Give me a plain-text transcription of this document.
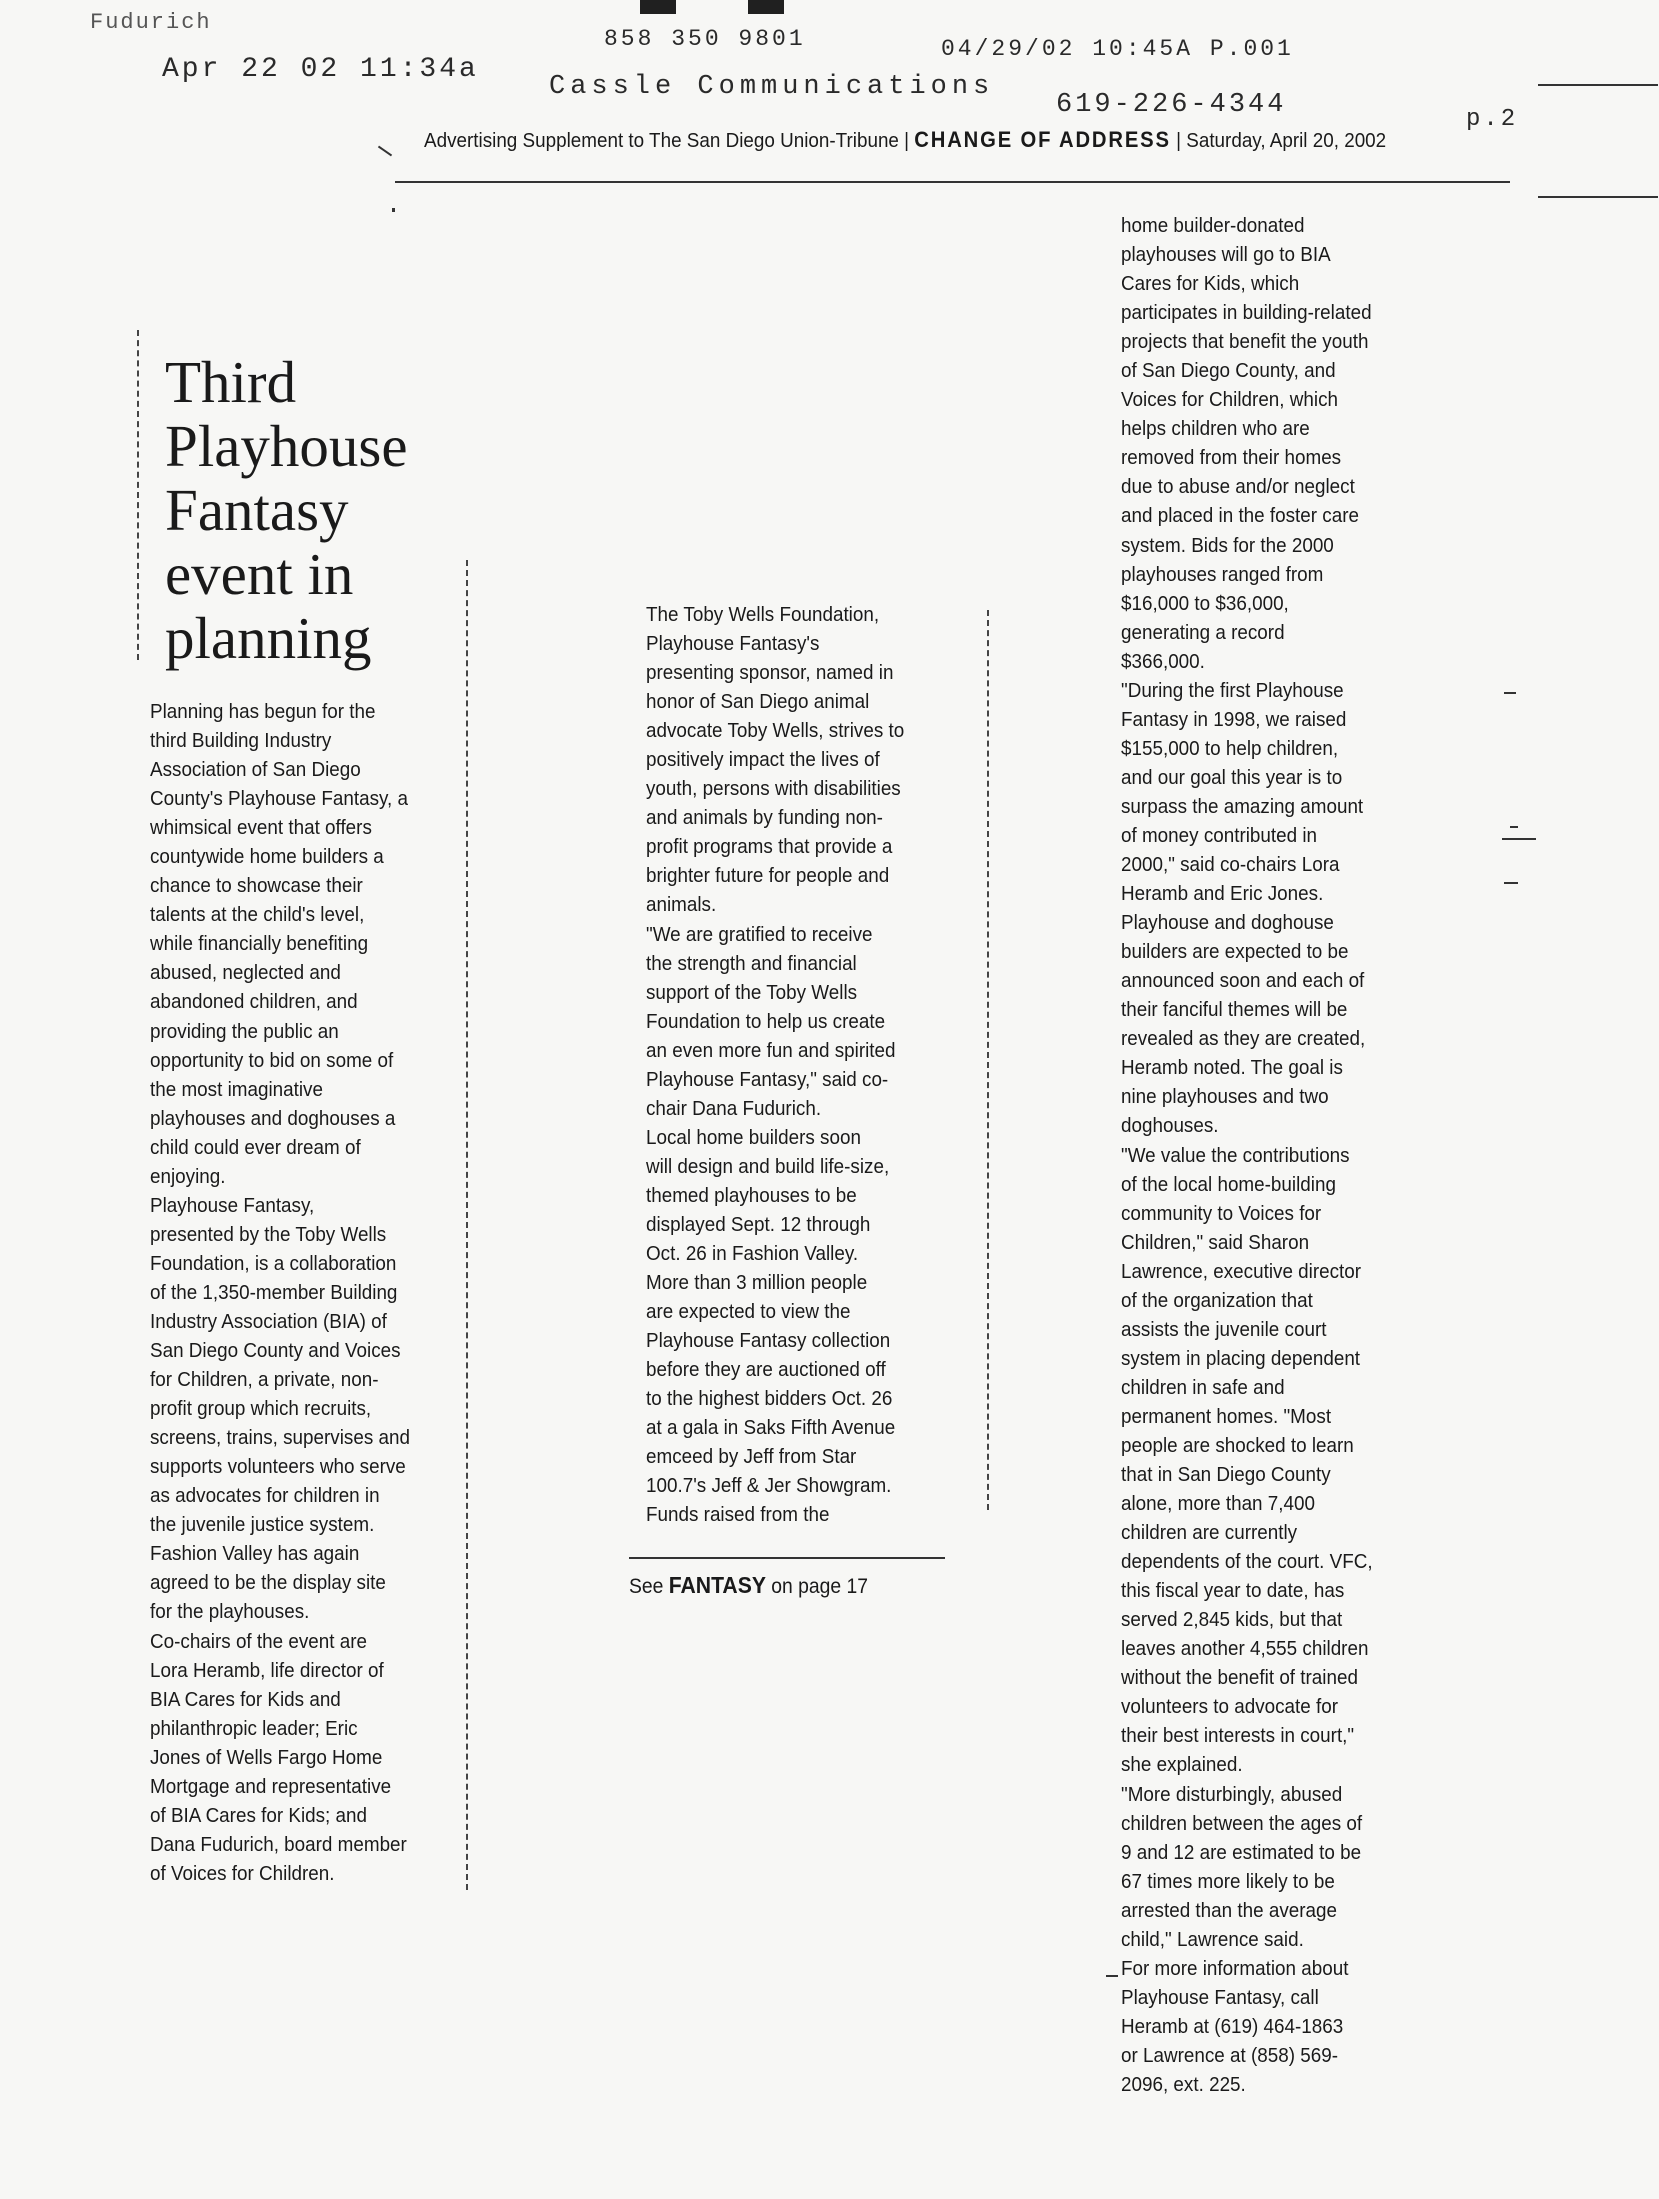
Fudurich
858 350 9801	04/29/02 10:45A P.001
Apr 22 02 11:34a
Cassle Communications
619-226-4344	p.2
Advertising Supplement to The San Diego Union-Tribune | CHANGE OF ADDRESS | Saturday, April 20, 2002
Third
Playhouse
Fantasy
event in
planning
Planning has begun for the
third Building Industry
Association of San Diego
County's Playhouse Fantasy, a
whimsical event that offers
countywide home builders a
chance to showcase their
talents at the child's level,
while financially benefiting
abused, neglected and
abandoned children, and
providing the public an
opportunity to bid on some of
the most imaginative
playhouses and doghouses a
child could ever dream of
enjoying.
Playhouse Fantasy,
presented by the Toby Wells
Foundation, is a collaboration
of the 1,350-member Building
Industry Association (BIA) of
San Diego County and Voices
for Children, a private, non-
profit group which recruits,
screens, trains, supervises and
supports volunteers who serve
as advocates for children in
the juvenile justice system.
Fashion Valley has again
agreed to be the display site
for the playhouses.
Co-chairs of the event are
Lora Heramb, life director of
BIA Cares for Kids and
philanthropic leader; Eric
Jones of Wells Fargo Home
Mortgage and representative
of BIA Cares for Kids; and
Dana Fudurich, board member
of Voices for Children.
The Toby Wells Foundation,
Playhouse Fantasy's
presenting sponsor, named in
honor of San Diego animal
advocate Toby Wells, strives to
positively impact the lives of
youth, persons with disabilities
and animals by funding non-
profit programs that provide a
brighter future for people and
animals.
"We are gratified to receive
the strength and financial
support of the Toby Wells
Foundation to help us create
an even more fun and spirited
Playhouse Fantasy," said co-
chair Dana Fudurich.
Local home builders soon
will design and build life-size,
themed playhouses to be
displayed Sept. 12 through
Oct. 26 in Fashion Valley.
More than 3 million people
are expected to view the
Playhouse Fantasy collection
before they are auctioned off
to the highest bidders Oct. 26
at a gala in Saks Fifth Avenue
emceed by Jeff from Star
100.7's Jeff & Jer Showgram.
Funds raised from the
home builder-donated
playhouses will go to BIA
Cares for Kids, which
participates in building-related
projects that benefit the youth
of San Diego County, and
Voices for Children, which
helps children who are
removed from their homes
due to abuse and/or neglect
and placed in the foster care
system. Bids for the 2000
playhouses ranged from
$16,000 to $36,000,
generating a record
$366,000.
"During the first Playhouse
Fantasy in 1998, we raised
$155,000 to help children,
and our goal this year is to
surpass the amazing amount
of money contributed in
2000," said co-chairs Lora
Heramb and Eric Jones.
Playhouse and doghouse
builders are expected to be
announced soon and each of
their fanciful themes will be
revealed as they are created,
Heramb noted. The goal is
nine playhouses and two
doghouses.
"We value the contributions
of the local home-building
community to Voices for
Children," said Sharon
Lawrence, executive director
of the organization that
assists the juvenile court
system in placing dependent
children in safe and
permanent homes. "Most
people are shocked to learn
that in San Diego County
alone, more than 7,400
children are currently
dependents of the court. VFC,
this fiscal year to date, has
served 2,845 kids, but that
leaves another 4,555 children
without the benefit of trained
volunteers to advocate for
their best interests in court,"
she explained.
"More disturbingly, abused
children between the ages of
9 and 12 are estimated to be
67 times more likely to be
arrested than the average
child," Lawrence said.
For more information about
Playhouse Fantasy, call
Heramb at (619) 464-1863
or Lawrence at (858) 569-
2096, ext. 225.
See FANTASY on page 17
